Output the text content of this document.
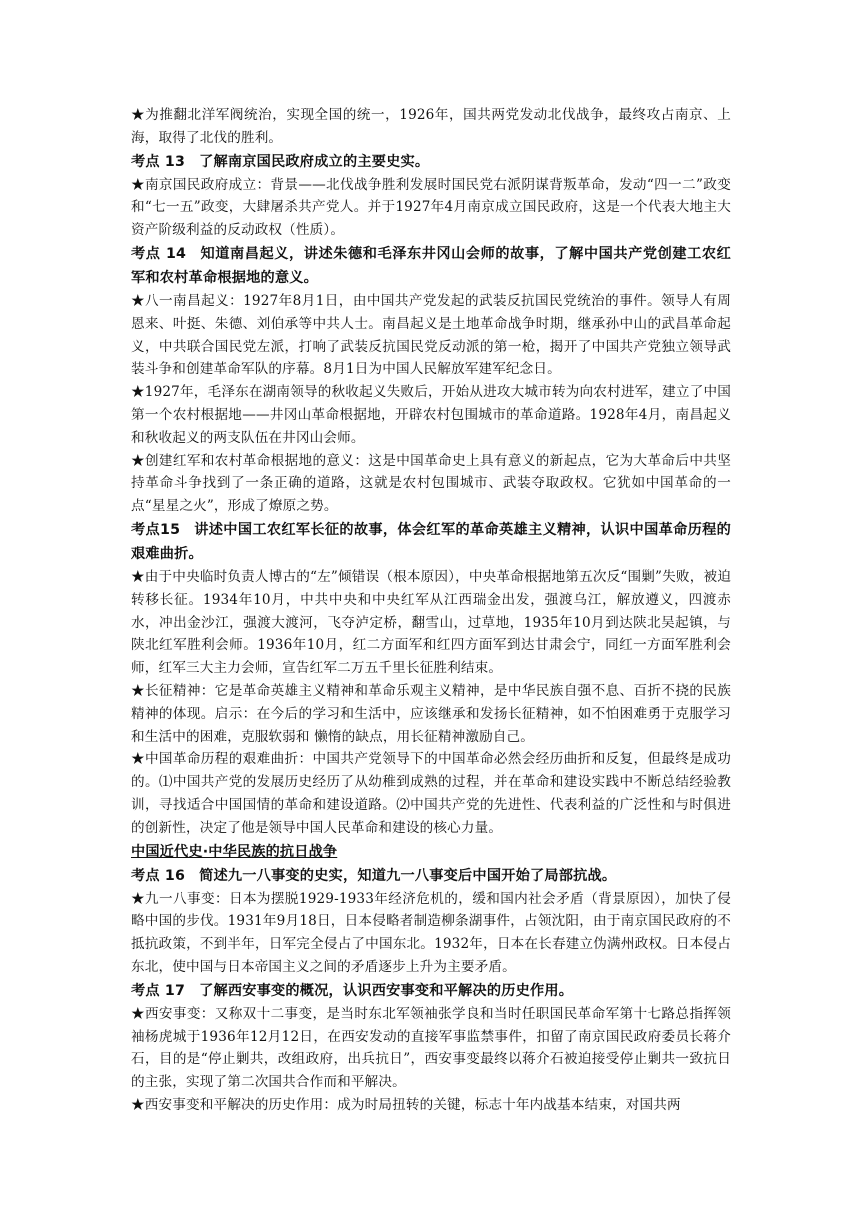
★为推翻北洋军阀统治，实现全国的统一，1926年，国共两党发动北伐战争，最终攻占南京、上海，取得了北伐的胜利。

考点 13 了解南京国民政府成立的主要史实。

★南京国民政府成立：背景——北伐战争胜利发展时国民党右派阴谋背叛革命，发动“四一二”政变和“七一五”政变，大肆屠杀共产党人。并于1927年4月南京成立国民政府，这是一个代表大地主大资产阶级利益的反动政权（性质）。

考点 14 知道南昌起义，讲述朱德和毛泽东井冈山会师的故事，了解中国共产党创建工农红军和农村革命根据地的意义。

★八一南昌起义：1927年8月1日，由中国共产党发起的武装反抗国民党统治的事件。领导人有周恩来、叶挺、朱德、刘伯承等中共人士。南昌起义是土地革命战争时期，继承孙中山的武昌革命起义，中共联合国民党左派，打响了武装反抗国民党反动派的第一枪，揭开了中国共产党独立领导武装斗争和创建革命军队的序幕。8月1日为中国人民解放军建军纪念日。

★1927年，毛泽东在湖南领导的秋收起义失败后，开始从进攻大城市转为向农村进军，建立了中国第一个农村根据地——井冈山革命根据地，开辟农村包围城市的革命道路。1928年4月，南昌起义和秋收起义的两支队伍在井冈山会师。

★创建红军和农村革命根据地的意义：这是中国革命史上具有意义的新起点，它为大革命后中共坚持革命斗争找到了一条正确的道路，这就是农村包围城市、武装夺取政权。它犹如中国革命的一点“星星之火”，形成了燎原之势。

考点15 讲述中国工农红军长征的故事，体会红军的革命英雄主义精神，认识中国革命历程的艰难曲折。

★由于中央临时负责人博古的“左”倾错误（根本原因），中央革命根据地第五次反“围剿”失败，被迫转移长征。1934年10月，中共中央和中央红军从江西瑞金出发，强渡乌江，解放遵义，四渡赤水，冲出金沙江，强渡大渡河，飞夺泸定桥，翻雪山，过草地，1935年10月到达陕北吴起镇，与陕北红军胜利会师。1936年10月，红二方面军和红四方面军到达甘肃会宁，同红一方面军胜利会师，红军三大主力会师，宣告红军二万五千里长征胜利结束。

★长征精神：它是革命英雄主义精神和革命乐观主义精神，是中华民族自强不息、百折不挠的民族精神的体现。启示：在今后的学习和生活中，应该继承和发扬长征精神，如不怕困难勇于克服学习和生活中的困难，克服软弱和 懒惰的缺点，用长征精神激励自己。

★中国革命历程的艰难曲折：中国共产党领导下的中国革命必然会经历曲折和反复，但最终是成功的。⑴中国共产党的发展历史经历了从幼稚到成熟的过程，并在革命和建设实践中不断总结经验教训，寻找适合中国国情的革命和建设道路。⑵中国共产党的先进性、代表利益的广泛性和与时俱进的创新性，决定了他是领导中国人民革命和建设的核心力量。

中国近代史·中华民族的抗日战争

考点 16 简述九一八事变的史实，知道九一八事变后中国开始了局部抗战。

★九一八事变：日本为摆脱1929-1933年经济危机的，缓和国内社会矛盾（背景原因），加快了侵略中国的步伐。1931年9月18日，日本侵略者制造柳条湖事件，占领沈阳，由于南京国民政府的不抵抗政策，不到半年，日军完全侵占了中国东北。1932年，日本在长春建立伪满州政权。日本侵占东北，使中国与日本帝国主义之间的矛盾逐步上升为主要矛盾。

考点 17 了解西安事变的概况，认识西安事变和平解决的历史作用。

★西安事变：又称双十二事变，是当时东北军领袖张学良和当时任职国民革命军第十七路总指挥领袖杨虎城于1936年12月12日，在西安发动的直接军事监禁事件，扣留了南京国民政府委员长蒋介石，目的是“停止剿共，改组政府，出兵抗日”，西安事变最终以蒋介石被迫接受停止剿共一致抗日的主张，实现了第二次国共合作而和平解决。

★西安事变和平解决的历史作用：成为时局扭转的关键，标志十年内战基本结束，对国共两
